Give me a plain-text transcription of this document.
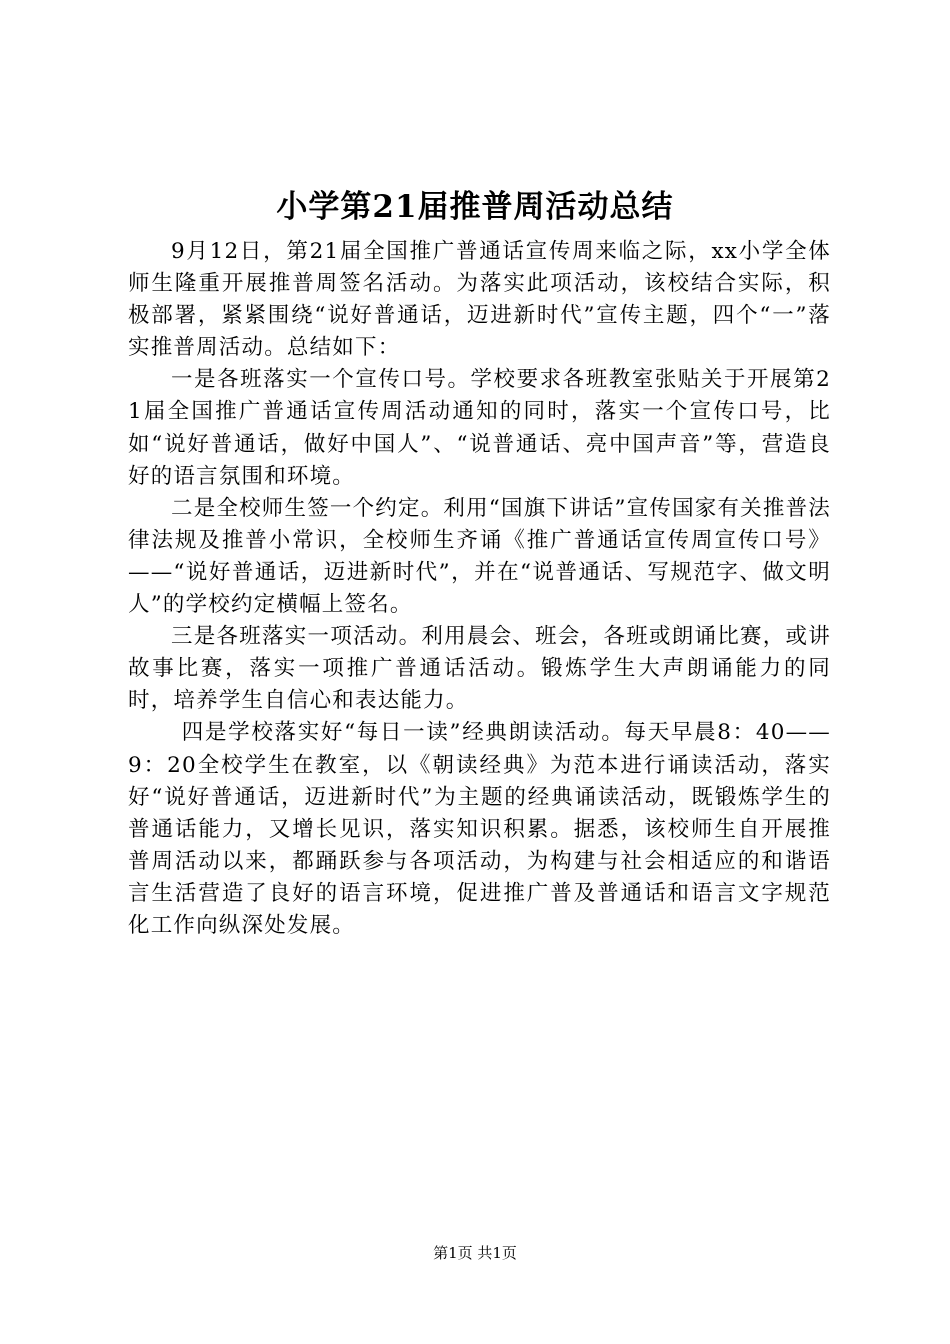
小学第21届推普周活动总结

9月12日，第21届全国推广普通话宣传周来临之际，xx小学全体师生隆重开展推普周签名活动。为落实此项活动，该校结合实际，积极部署，紧紧围绕“说好普通话，迈进新时代”宣传主题，四个“一”落实推普周活动。总结如下：

一是各班落实一个宣传口号。学校要求各班教室张贴关于开展第21届全国推广普通话宣传周活动通知的同时，落实一个宣传口号，比如“说好普通话，做好中国人”、“说普通话、亮中国声音”等，营造良好的语言氛围和环境。

二是全校师生签一个约定。利用“国旗下讲话”宣传国家有关推普法律法规及推普小常识，全校师生齐诵《推广普通话宣传周宣传口号》——“说好普通话，迈进新时代”，并在“说普通话、写规范字、做文明人”的学校约定横幅上签名。

三是各班落实一项活动。利用晨会、班会，各班或朗诵比赛，或讲故事比赛，落实一项推广普通话活动。锻炼学生大声朗诵能力的同时，培养学生自信心和表达能力。

四是学校落实好“每日一读”经典朗读活动。每天早晨8：40——9：20全校学生在教室，以《朝读经典》为范本进行诵读活动，落实好“说好普通话，迈进新时代”为主题的经典诵读活动，既锻炼学生的普通话能力，又增长见识，落实知识积累。据悉，该校师生自开展推普周活动以来，都踊跃参与各项活动，为构建与社会相适应的和谐语言生活营造了良好的语言环境，促进推广普及普通话和语言文字规范化工作向纵深处发展。

第1页 共1页
